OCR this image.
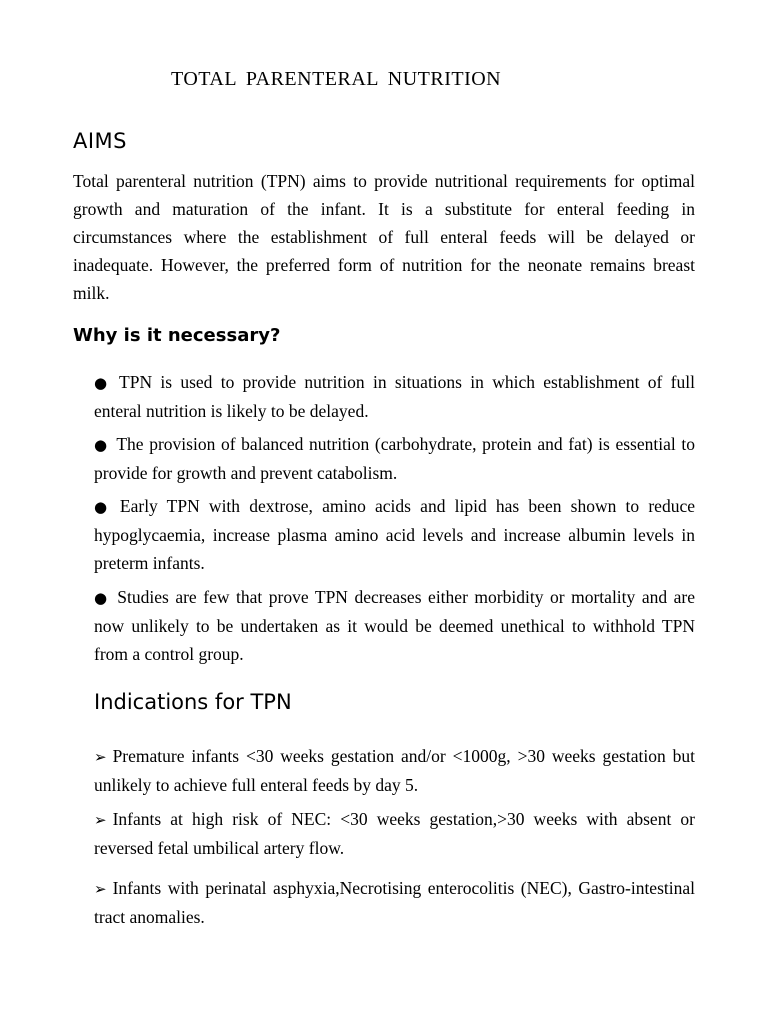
TOTAL PARENTERAL NUTRITION
AIMS

Total parenteral nutrition (TPN) aims to provide nutritional requirements for optimal growth and maturation of the infant. It is a substitute for enteral feeding in circumstances where the establishment of full enteral feeds will be delayed or inadequate. However, the preferred form of nutrition for the neonate remains breast milk.

Why is it necessary?
● TPN is used to provide nutrition in situations in which establishment of full enteral nutrition is likely to be delayed.
● The provision of balanced nutrition (carbohydrate, protein and fat) is essential to provide for growth and prevent catabolism.
● Early TPN with dextrose, amino acids and lipid has been shown to reduce hypoglycaemia, increase plasma amino acid levels and increase albumin levels in preterm infants.
● Studies are few that prove TPN decreases either morbidity or mortality and are now unlikely to be undertaken as it would be deemed unethical to withhold TPN from a control group.
Indications for TPN
➢ Premature infants <30 weeks gestation and/or <1000g, >30 weeks gestation but unlikely to achieve full enteral feeds by day 5.
➢ Infants at high risk of NEC: <30 weeks gestation,>30 weeks with absent or reversed fetal umbilical artery flow.
➢ Infants with perinatal asphyxia,Necrotising enterocolitis (NEC), Gastro-intestinal tract anomalies.
